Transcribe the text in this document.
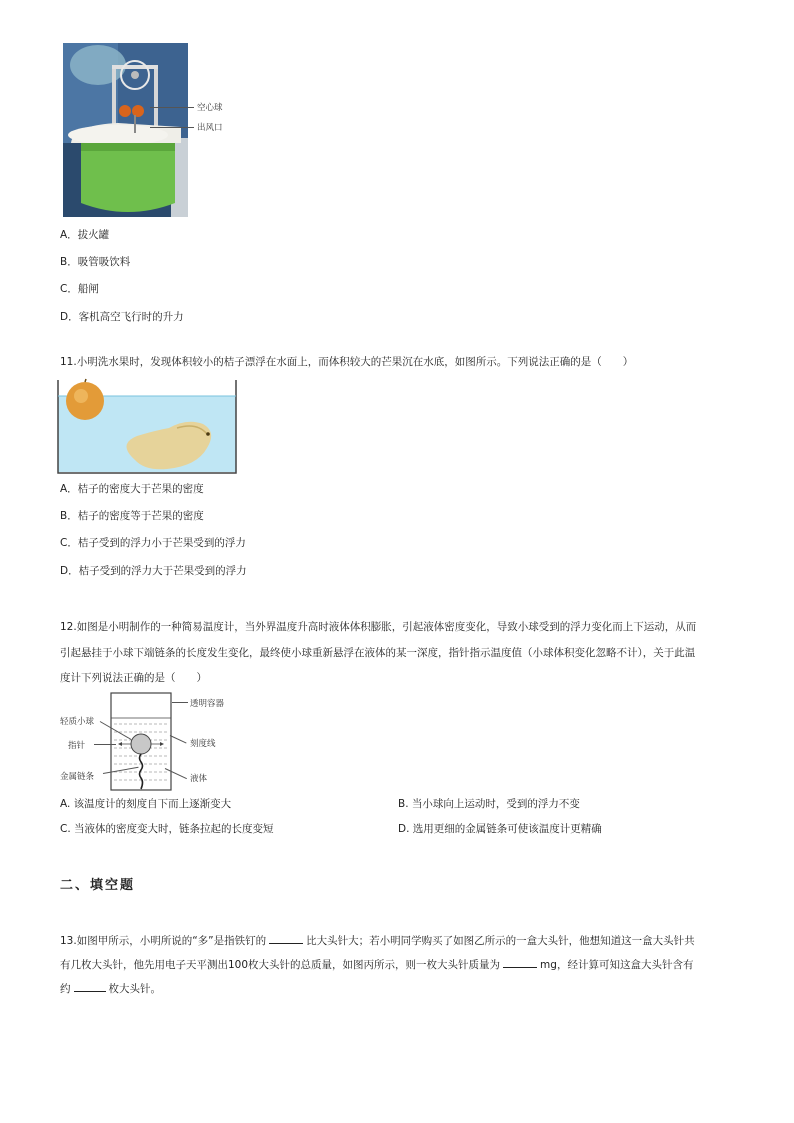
空心球
出风口
A．拔火罐
B．吸管吸饮料
C．船闸
D．客机高空飞行时的升力
11.小明洗水果时，发现体积较小的桔子漂浮在水面上，而体积较大的芒果沉在水底，如图所示。下列说法正确的是（　　）
A．桔子的密度大于芒果的密度
B．桔子的密度等于芒果的密度
C．桔子受到的浮力小于芒果受到的浮力
D．桔子受到的浮力大于芒果受到的浮力
12.如图是小明制作的一种简易温度计，当外界温度升高时液体体积膨胀，引起液体密度变化，导致小球受到的浮力变化而上下运动，从而
引起悬挂于小球下端链条的长度发生变化，最终使小球重新悬浮在液体的某一深度，指针指示温度值（小球体积变化忽略不计），关于此温
度计下列说法正确的是（　　）
透明容器
轻质小球
刻度线
指针
金属链条	液体
A. 该温度计的刻度自下而上逐渐变大	B. 当小球向上运动时，受到的浮力不变
C. 当液体的密度变大时，链条拉起的长度变短	D. 选用更细的金属链条可使该温度计更精确
二、填空题
13.如图甲所示，小明所说的“多”是指铁钉的	比大头针大；若小明同学购买了如图乙所示的一盒大头针，他想知道这一盒大头针共
有几枚大头针，他先用电子天平测出100枚大头针的总质量，如图丙所示，则一枚大头针质量为	mg，经计算可知这盒大头针含有
约	枚大头针。
